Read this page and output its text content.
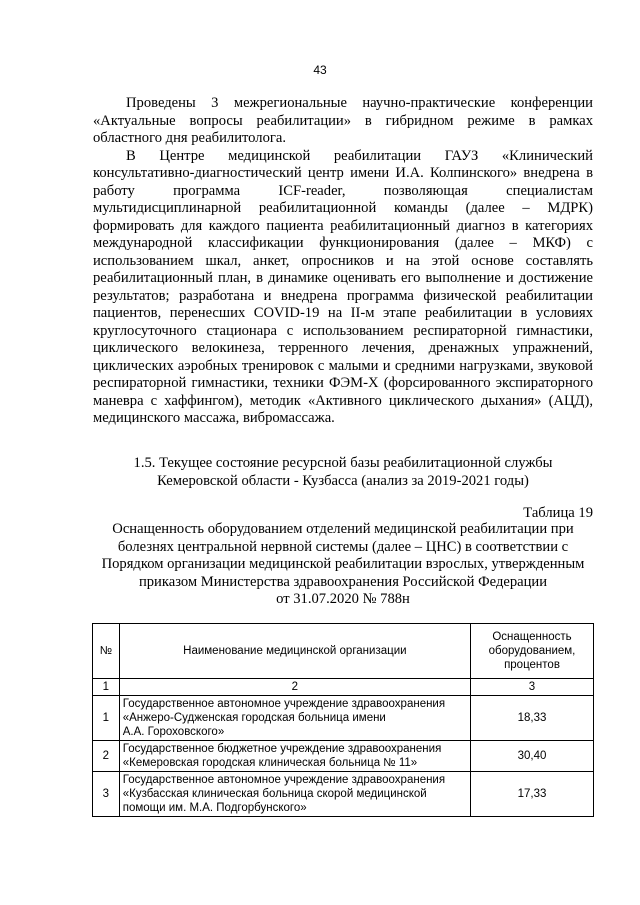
43

Проведены 3 межрегиональные научно-практические конференции «Актуальные вопросы реабилитации» в гибридном режиме в рамках областного дня реабилитолога.

В Центре медицинской реабилитации ГАУЗ «Клинический консультативно-диагностический центр имени И.А. Колпинского» внедрена в работу программа ICF-reader, позволяющая специалистам мультидисциплинарной реабилитационной команды (далее – МДРК) формировать для каждого пациента реабилитационный диагноз в категориях международной классификации функционирования (далее – МКФ) с использованием шкал, анкет, опросников и на этой основе составлять реабилитационный план, в динамике оценивать его выполнение и достижение результатов; разработана и внедрена программа физической реабилитации пациентов, перенесших COVID-19 на II-м этапе реабилитации в условиях круглосуточного стационара с использованием респираторной гимнастики, циклического велокинеза, терренного лечения, дренажных упражнений, циклических аэробных тренировок с малыми и средними нагрузками, звуковой респираторной гимнастики, техники ФЭМ-Х (форсированного экспираторного маневра с хаффингом), методик «Активного циклического дыхания» (АЦД), медицинского массажа, вибромассажа.

1.5. Текущее состояние ресурсной базы реабилитационной службы
Кемеровской области - Кузбасса (анализ за 2019-2021 годы)
Таблица 19
Оснащенность оборудованием отделений медицинской реабилитации при
болезнях центральной нервной системы (далее – ЦНС) в соответствии с
Порядком организации медицинской реабилитации взрослых, утвержденным
приказом Министерства здравоохранения Российской Федерации
от 31.07.2020 № 788н
№	Наименование медицинской организации	Оснащенность
оборудованием,
процентов

1	2	3
1	Государственное автономное учреждение здравоохранения
«Анжеро-Судженская городская больница имени
А.А. Гороховского»	18,33
2	Государственное бюджетное учреждение здравоохранения
«Кемеровская городская клиническая больница № 11»	30,40
3	Государственное автономное учреждение здравоохранения
«Кузбасская клиническая больница скорой медицинской
помощи им. М.А. Подгорбунского»	17,33
